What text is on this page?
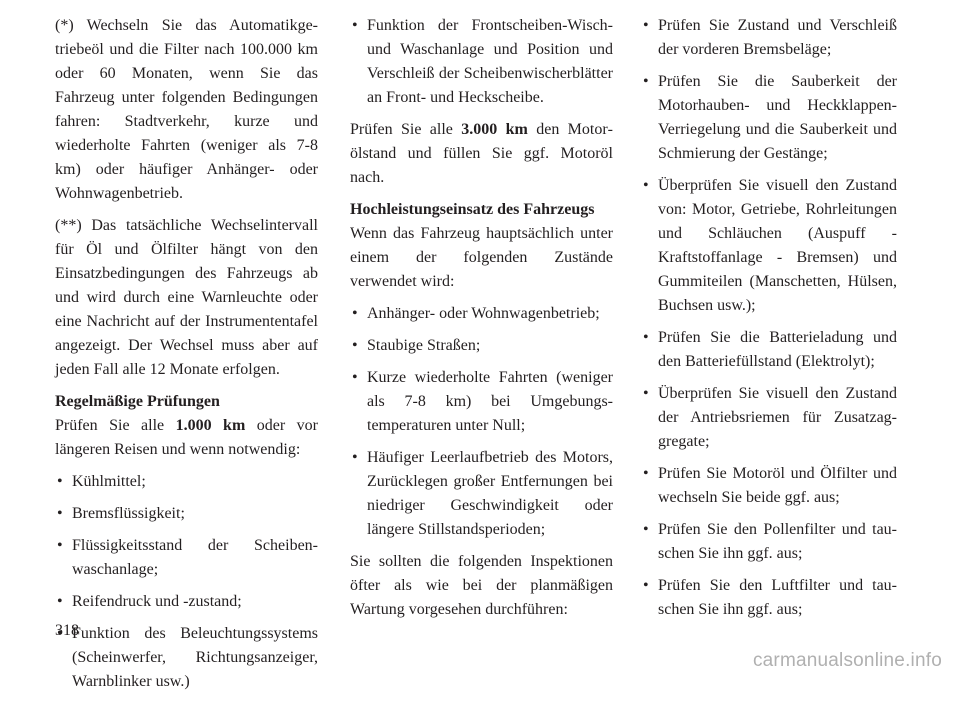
(*) Wechseln Sie das Automatikgetriebeöl und die Filter nach 100.000 km oder 60 Monaten, wenn Sie das Fahrzeug unter folgenden Bedingungen fahren: Stadtverkehr, kurze und wiederholte Fahrten (weniger als 7-8 km) oder häufiger Anhänger- oder Wohnwagenbetrieb.

(**) Das tatsächliche Wechselintervall für Öl und Ölfilter hängt von den Einsatzbedingungen des Fahrzeugs ab und wird durch eine Warnleuchte oder eine Nachricht auf der Instrumententafel angezeigt. Der Wechsel muss aber auf jeden Fall alle 12 Monate erfolgen.

Regelmäßige Prüfungen

Prüfen Sie alle 1.000 km oder vor längeren Reisen und wenn notwendig:

• Kühlmittel;
• Bremsflüssigkeit;
• Flüssigkeitsstand der Scheibenwaschanlage;
• Reifendruck und -zustand;
• Funktion des Beleuchtungssystems (Scheinwerfer, Richtungsanzeiger, Warnblinker usw.)
• Funktion der Frontscheiben-Wisch- und Waschanlage und Position und Verschleiß der Scheibenwischerblätter an Front- und Heckscheibe.

Prüfen Sie alle 3.000 km den Motorölstand und füllen Sie ggf. Motoröl nach.

Hochleistungseinsatz des Fahrzeugs

Wenn das Fahrzeug hauptsächlich unter einem der folgenden Zustände verwendet wird:

• Anhänger- oder Wohnwagenbetrieb;
• Staubige Straßen;
• Kurze wiederholte Fahrten (weniger als 7-8 km) bei Umgebungstemperaturen unter Null;
• Häufiger Leerlaufbetrieb des Motors, Zurücklegen großer Entfernungen bei niedriger Geschwindigkeit oder längere Stillstandsperioden;

Sie sollten die folgenden Inspektionen öfter als wie bei der planmäßigen Wartung vorgesehen durchführen:

• Prüfen Sie Zustand und Verschleiß der vorderen Bremsbeläge;
• Prüfen Sie die Sauberkeit der Motorhauben- und Heckklappen-Verriegelung und die Sauberkeit und Schmierung der Gestänge;
• Überprüfen Sie visuell den Zustand von: Motor, Getriebe, Rohrleitungen und Schläuchen (Auspuff - Kraftstoffanlage - Bremsen) und Gummiteilen (Manschetten, Hülsen, Buchsen usw.);
• Prüfen Sie die Batterieladung und den Batteriefüllstand (Elektrolyt);
• Überprüfen Sie visuell den Zustand der Antriebsriemen für Zusatzaggregate;
• Prüfen Sie Motoröl und Ölfilter und wechseln Sie beide ggf. aus;
• Prüfen Sie den Pollenfilter und tauschen Sie ihn ggf. aus;
• Prüfen Sie den Luftfilter und tauschen Sie ihn ggf. aus;
318
carmanualsonline.info
